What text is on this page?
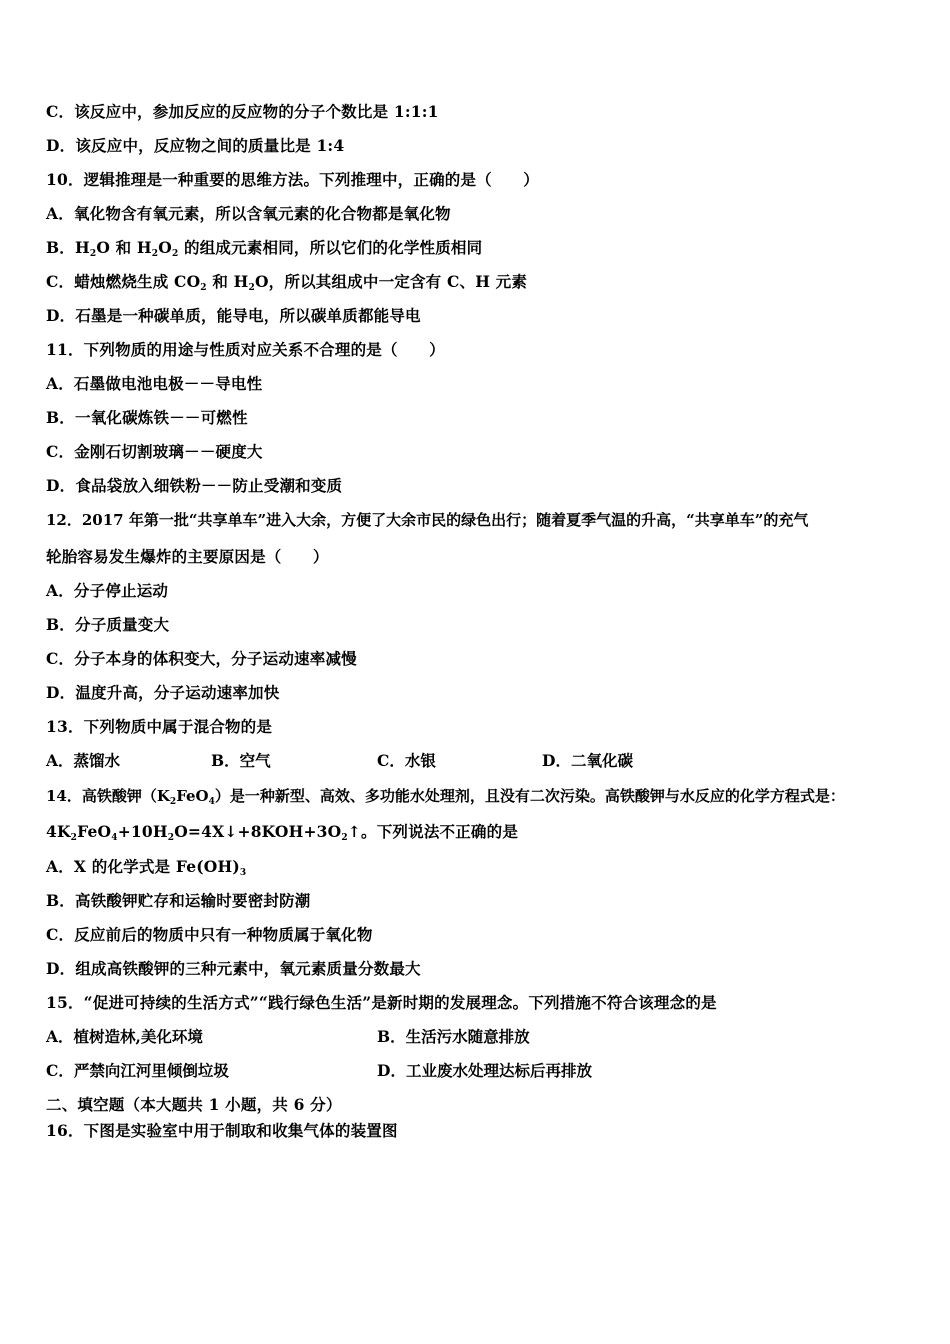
C．该反应中，参加反应的反应物的分子个数比是 1:1:1
D．该反应中，反应物之间的质量比是 1:4
10．逻辑推理是一种重要的思维方法。下列推理中，正确的是（　　）
A．氧化物含有氧元素，所以含氧元素的化合物都是氧化物
B．$H_2O$ 和 $H_2O_2$ 的组成元素相同，所以它们的化学性质相同
C．蜡烛燃烧生成 $CO_2$ 和 $H_2O$，所以其组成中一定含有 C、H 元素
D．石墨是一种碳单质，能导电，所以碳单质都能导电
11．下列物质的用途与性质对应关系不合理的是（　　）
A．石墨做电池电极－－导电性
B．一氧化碳炼铁－－可燃性
C．金刚石切割玻璃－－硬度大
D．食品袋放入细铁粉－－防止受潮和变质
12．2017 年第一批“共享单车”进入大余，方便了大余市民的绿色出行；随着夏季气温的升高，“共享单车”的充气
轮胎容易发生爆炸的主要原因是（　　）
A．分子停止运动
B．分子质量变大
C．分子本身的体积变大，分子运动速率减慢
D．温度升高，分子运动速率加快
13．下列物质中属于混合物的是
A．蒸馏水	B．空气	C．水银	D．二氧化碳
14．高铁酸钾$(K_2FeO_4)$是一种新型、高效、多功能水处理剂，且没有二次污染。高铁酸钾与水反应的化学方程式是：
$4K_2FeO_4+10H_2O=4X↓+8KOH+3O_2↑$。下列说法不正确的是
A．X 的化学式是 $Fe(OH)_3$
B．高铁酸钾贮存和运输时要密封防潮
C．反应前后的物质中只有一种物质属于氧化物
D．组成高铁酸钾的三种元素中，氧元素质量分数最大
15．“促进可持续的生活方式”“践行绿色生活”是新时期的发展理念。下列措施不符合该理念的是
A．植树造林,美化环境	B．生活污水随意排放
C．严禁向江河里倾倒垃圾	D．工业废水处理达标后再排放
二、填空题（本大题共 1 小题，共 6 分）
16．下图是实验室中用于制取和收集气体的装置图
